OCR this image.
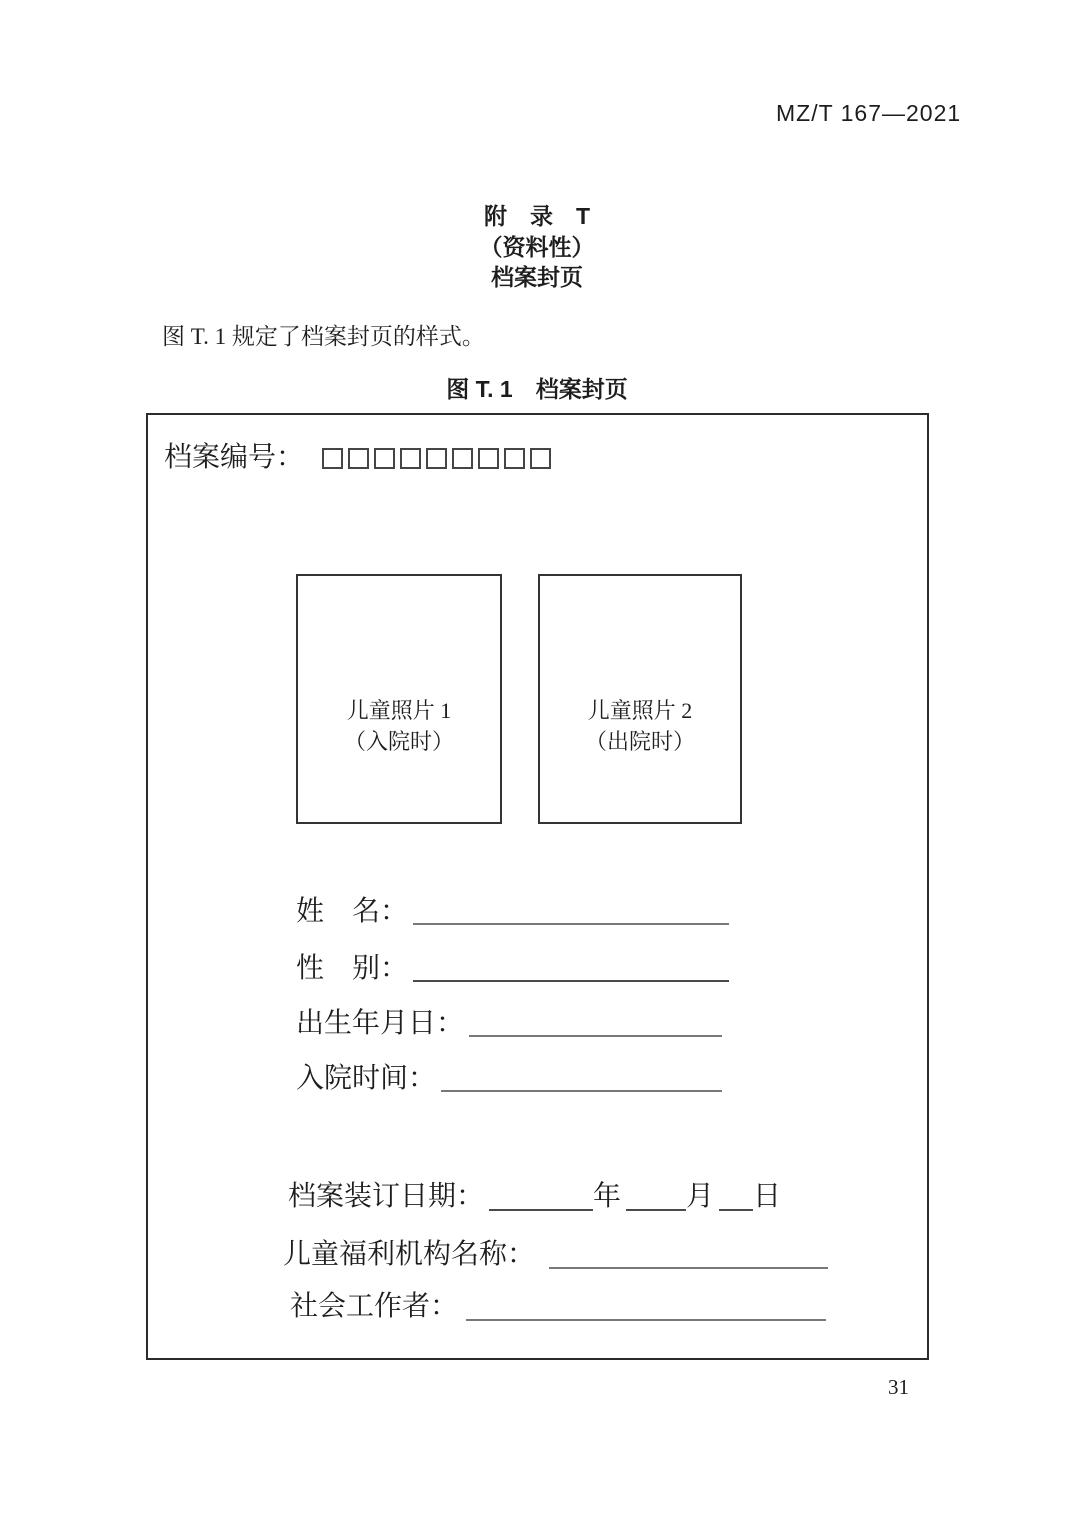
MZ/T 167—2021
附　录　T
（资料性）
档案封页
图 T. 1 规定了档案封页的样式。
图 T. 1　档案封页
档案编号：
儿童照片 1
（入院时）
儿童照片 2
（出院时）
姓　名：
性　别：
出生年月日：
入院时间：
档案装订日期：	年 月 日
儿童福利机构名称：
社会工作者：
31
